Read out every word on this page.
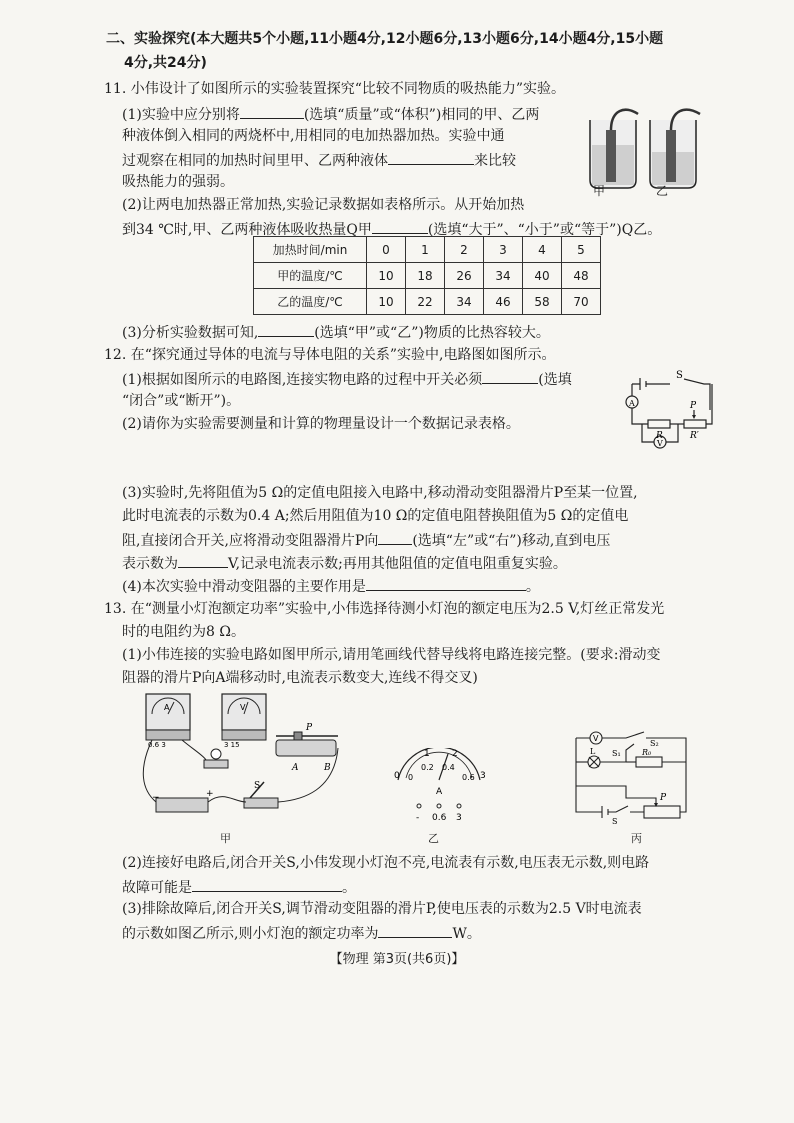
二、实验探究(本大题共5个小题,11小题4分,12小题6分,13小题6分,14小题4分,15小题
4分,共24分)
11. 小伟设计了如图所示的实验装置探究“比较不同物质的吸热能力”实验。
(1)实验中应分别将	(选填“质量”或“体积”)相同的甲、乙两
种液体倒入相同的两烧杯中,用相同的电加热器加热。实验中通
过观察在相同的加热时间里甲、乙两种液体	来比较
吸热能力的强弱。
(2)让两电加热器正常加热,实验记录数据如表格所示。从开始加热
到34 ℃时,甲、乙两种液体吸收热量Q甲	(选填“大于”、“小于”或“等于”)Q乙。
甲	乙
加热时间/min	0	1	2	3	4	5
甲的温度/℃	10	18	26	34	40	48
乙的温度/℃	10	22	34	46	58	70
(3)分析实验数据可知,	(选填“甲”或“乙”)物质的比热容较大。
12. 在“探究通过导体的电流与导体电阻的关系”实验中,电路图如图所示。
(1)根据如图所示的电路图,连接实物电路的过程中开关必须	(选填
“闭合”或“断开”)。
(2)请你为实验需要测量和计算的物理量设计一个数据记录表格。
S
A
V
R
P
R′
(3)实验时,先将阻值为5 Ω的定值电阻接入电路中,移动滑动变阻器滑片P至某一位置,
此时电流表的示数为0.4 A;然后用阻值为10 Ω的定值电阻替换阻值为5 Ω的定值电
阻,直接闭合开关,应将滑动变阻器滑片P向 (选填“左”或“右”)移动,直到电压
表示数为	V,记录电流表示数;再用其他阻值的定值电阻重复实验。
(4)本次实验中滑动变阻器的主要作用是	。
13. 在“测量小灯泡额定功率”实验中,小伟选择待测小灯泡的额定电压为2.5 V,灯丝正常发光
时的电阻约为8 Ω。
(1)小伟连接的实验电路如图甲所示,请用笔画线代替导线将电路连接完整。(要求:滑动变
阻器的滑片P向A端移动时,电流表示数变大,连线不得交叉)
A
0.6 3
V
3 15
P
A	B
−	+
S
甲
0
1 2
3
0
0.2 0.4
0.6
A
- 0.6 3
乙
V
S₂
S₁
L	R₀
P
S
丙
(2)连接好电路后,闭合开关S,小伟发现小灯泡不亮,电流表有示数,电压表无示数,则电路
故障可能是	。
(3)排除故障后,闭合开关S,调节滑动变阻器的滑片P,使电压表的示数为2.5 V时电流表
的示数如图乙所示,则小灯泡的额定功率为	W。
【物理 第3页(共6页)】
